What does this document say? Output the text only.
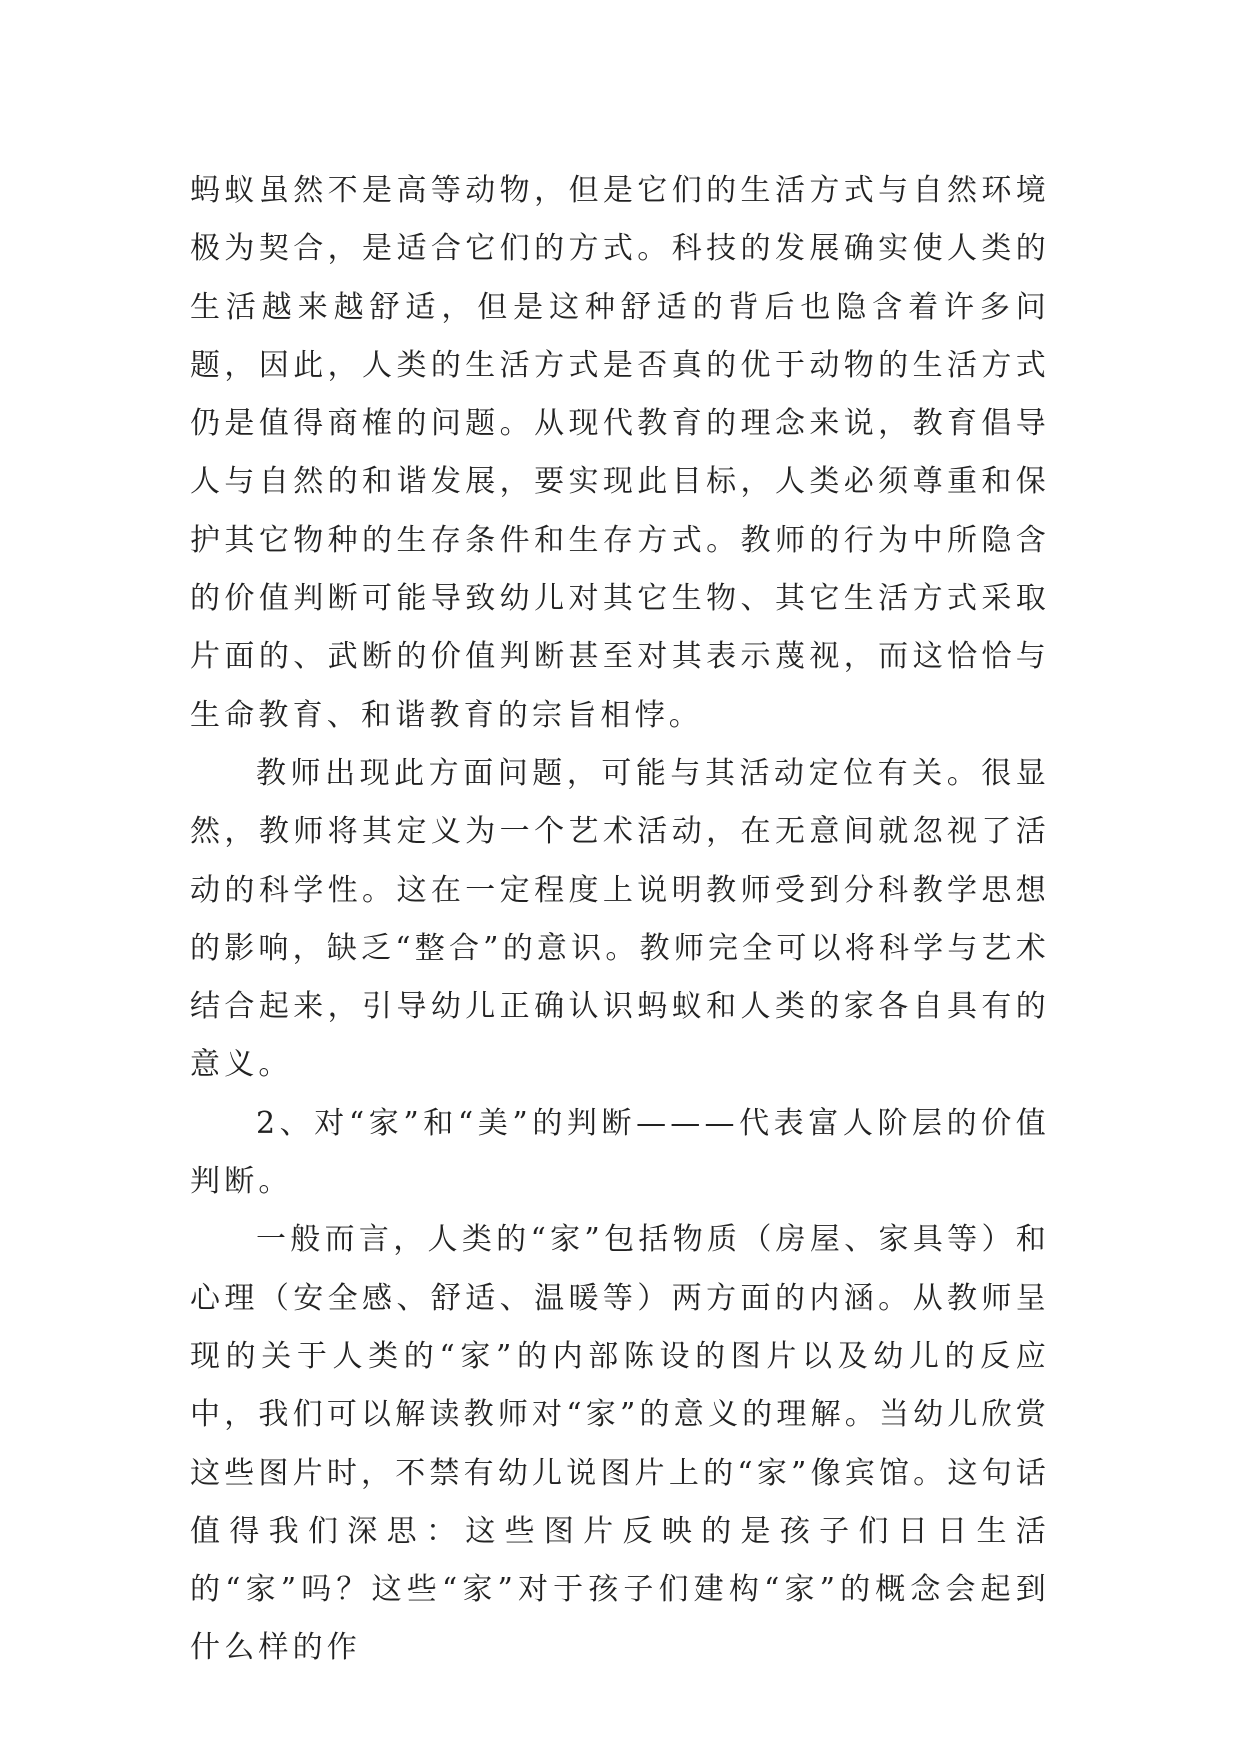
蚂蚁虽然不是高等动物，但是它们的生活方式与自然环境极为契合，是适合它们的方式。科技的发展确实使人类的生活越来越舒适，但是这种舒适的背后也隐含着许多问题，因此，人类的生活方式是否真的优于动物的生活方式仍是值得商榷的问题。从现代教育的理念来说，教育倡导人与自然的和谐发展，要实现此目标，人类必须尊重和保护其它物种的生存条件和生存方式。教师的行为中所隐含的价值判断可能导致幼儿对其它生物、其它生活方式采取片面的、武断的价值判断甚至对其表示蔑视，而这恰恰与生命教育、和谐教育的宗旨相悖。

教师出现此方面问题，可能与其活动定位有关。很显然，教师将其定义为一个艺术活动，在无意间就忽视了活动的科学性。这在一定程度上说明教师受到分科教学思想的影响，缺乏“整合”的意识。教师完全可以将科学与艺术结合起来，引导幼儿正确认识蚂蚁和人类的家各自具有的意义。

2、对“家”和“美”的判断———代表富人阶层的价值判断。

一般而言，人类的“家”包括物质（房屋、家具等）和心理（安全感、舒适、温暖等）两方面的内涵。从教师呈现的关于人类的“家”的内部陈设的图片以及幼儿的反应中，我们可以解读教师对“家”的意义的理解。当幼儿欣赏这些图片时，不禁有幼儿说图片上的“家”像宾馆。这句话值得我们深思：这些图片反映的是孩子们日日生活的“家”吗？这些“家”对于孩子们建构“家”的概念会起到什么样的作
